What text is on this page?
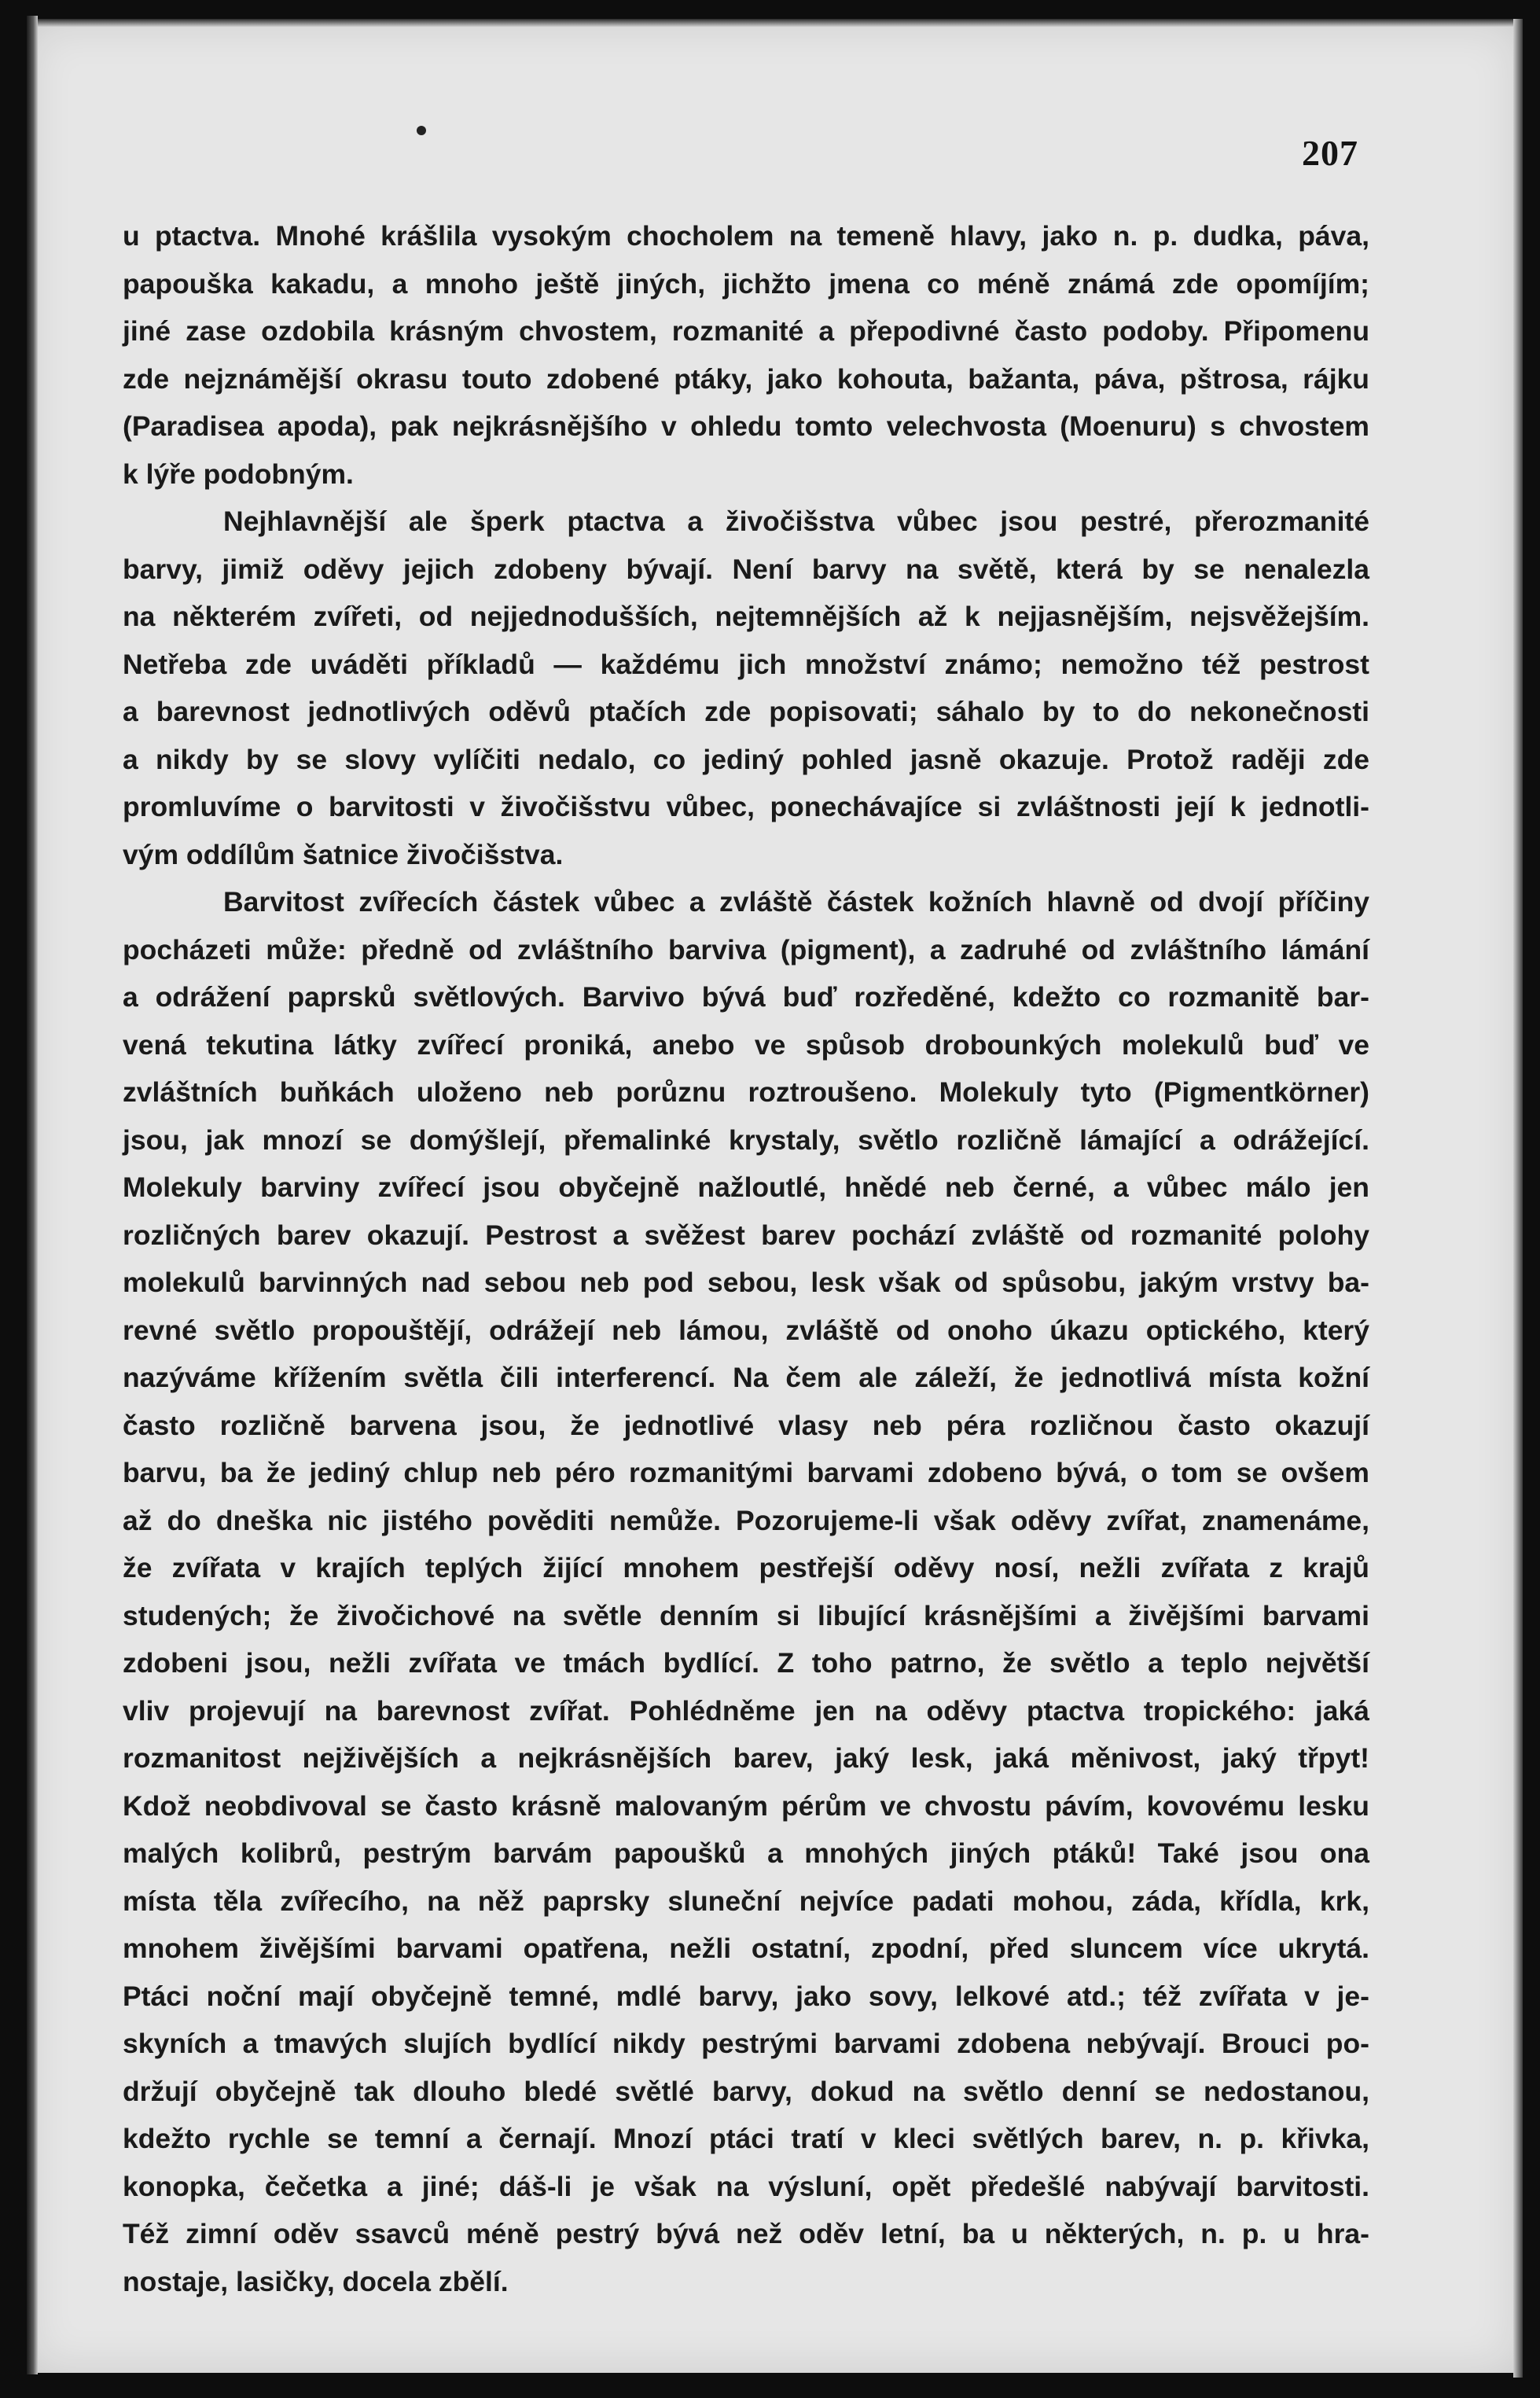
207
u ptactva. Mnohé krášlila vysokým chocholem na temeně hlavy, jako n. p. dudka, páva,
papouška kakadu, a mnoho ještě jiných, jichžto jmena co méně známá zde opomíjím;
jiné zase ozdobila krásným chvostem, rozmanité a přepodivné často podoby. Připomenu
zde nejznámější okrasu touto zdobené ptáky, jako kohouta, bažanta, páva, pštrosa, rájku
(Paradisea apoda), pak nejkrásnějšího v ohledu tomto velechvosta (Moenuru) s chvostem
k lýře podobným.
Nejhlavnější ale šperk ptactva a živočišstva vůbec jsou pestré, přerozmanité
barvy, jimiž oděvy jejich zdobeny bývají. Není barvy na světě, která by se nenalezla
na některém zvířeti, od nejjednodušších, nejtemnějších až k nejjasnějším, nejsvěžejším.
Netřeba zde uváděti příkladů — každému jich množství známo; nemožno též pestrost
a barevnost jednotlivých oděvů ptačích zde popisovati; sáhalo by to do nekonečnosti
a nikdy by se slovy vylíčiti nedalo, co jediný pohled jasně okazuje. Protož raději zde
promluvíme o barvitosti v živočišstvu vůbec, ponechávajíce si zvláštnosti její k jednotli-
vým oddílům šatnice živočišstva.
Barvitost zvířecích částek vůbec a zvláště částek kožních hlavně od dvojí příčiny
pocházeti může: předně od zvláštního barviva (pigment), a zadruhé od zvláštního lámání
a odrážení paprsků světlových. Barvivo bývá buď rozředěné, kdežto co rozmanitě bar-
vená tekutina látky zvířecí proniká, anebo ve spůsob drobounkých molekulů buď ve
zvláštních buňkách uloženo neb porůznu roztroušeno. Molekuly tyto (Pigmentkörner)
jsou, jak mnozí se domýšlejí, přemalinké krystaly, světlo rozličně lámající a odrážející.
Molekuly barviny zvířecí jsou obyčejně nažloutlé, hnědé neb černé, a vůbec málo jen
rozličných barev okazují. Pestrost a svěžest barev pochází zvláště od rozmanité polohy
molekulů barvinných nad sebou neb pod sebou, lesk však od spůsobu, jakým vrstvy ba-
revné světlo propouštějí, odrážejí neb lámou, zvláště od onoho úkazu optického, který
nazýváme křížením světla čili interferencí. Na čem ale záleží, že jednotlivá místa kožní
často rozličně barvena jsou, že jednotlivé vlasy neb péra rozličnou často okazují
barvu, ba že jediný chlup neb péro rozmanitými barvami zdobeno bývá, o tom se ovšem
až do dneška nic jistého pověditi nemůže. Pozorujeme-li však oděvy zvířat, znamenáme,
že zvířata v krajích teplých žijící mnohem pestřejší oděvy nosí, nežli zvířata z krajů
studených; že živočichové na světle denním si libující krásnějšími a živějšími barvami
zdobeni jsou, nežli zvířata ve tmách bydlící. Z toho patrno, že světlo a teplo největší
vliv projevují na barevnost zvířat. Pohlédněme jen na oděvy ptactva tropického: jaká
rozmanitost nejživějších a nejkrásnějších barev, jaký lesk, jaká měnivost, jaký třpyt!
Kdož neobdivoval se často krásně malovaným pérům ve chvostu pávím, kovovému lesku
malých kolibrů, pestrým barvám papoušků a mnohých jiných ptáků! Také jsou ona
místa těla zvířecího, na něž paprsky sluneční nejvíce padati mohou, záda, křídla, krk,
mnohem živějšími barvami opatřena, nežli ostatní, zpodní, před sluncem více ukrytá.
Ptáci noční mají obyčejně temné, mdlé barvy, jako sovy, lelkové atd.; též zvířata v je-
skyních a tmavých slujích bydlící nikdy pestrými barvami zdobena nebývají. Brouci po-
držují obyčejně tak dlouho bledé světlé barvy, dokud na světlo denní se nedostanou,
kdežto rychle se temní a černají. Mnozí ptáci tratí v kleci světlých barev, n. p. křivka,
konopka, čečetka a jiné; dáš-li je však na výsluní, opět předešlé nabývají barvitosti.
Též zimní oděv ssavců méně pestrý bývá než oděv letní, ba u některých, n. p. u hra-
nostaje, lasičky, docela zbělí.
